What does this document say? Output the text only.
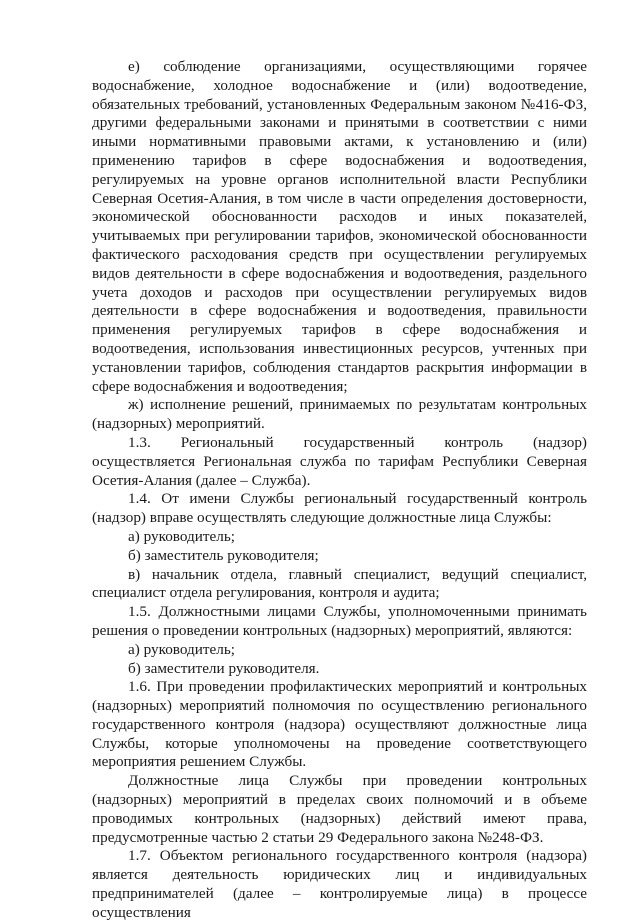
е) соблюдение организациями, осуществляющими горячее водоснабжение, холодное водоснабжение и (или) водоотведение, обязательных требований, установленных Федеральным законом №416-ФЗ, другими федеральными законами и принятыми в соответствии с ними иными нормативными правовыми актами, к установлению и (или) применению тарифов в сфере водоснабжения и водоотведения, регулируемых на уровне органов исполнительной власти Республики Северная Осетия-Алания, в том числе в части определения достоверности, экономической обоснованности расходов и иных показателей, учитываемых при регулировании тарифов, экономической обоснованности фактического расходования средств при осуществлении регулируемых видов деятельности в сфере водоснабжения и водоотведения, раздельного учета доходов и расходов при осуществлении регулируемых видов деятельности в сфере водоснабжения и водоотведения, правильности применения регулируемых тарифов в сфере водоснабжения и водоотведения, использования инвестиционных ресурсов, учтенных при установлении тарифов, соблюдения стандартов раскрытия информации в сфере водоснабжения и водоотведения;

ж) исполнение решений, принимаемых по результатам контрольных (надзорных) мероприятий.

1.3. Региональный государственный контроль (надзор) осуществляется Региональная служба по тарифам Республики Северная Осетия-Алания (далее – Служба).

1.4. От имени Службы региональный государственный контроль (надзор) вправе осуществлять следующие должностные лица Службы:

а) руководитель;

б) заместитель руководителя;

в) начальник отдела, главный специалист, ведущий специалист, специалист отдела регулирования, контроля и аудита;

1.5. Должностными лицами Службы, уполномоченными принимать решения о проведении контрольных (надзорных) мероприятий, являются:

а) руководитель;

б) заместители руководителя.

1.6. При проведении профилактических мероприятий и контрольных (надзорных) мероприятий полномочия по осуществлению регионального государственного контроля (надзора) осуществляют должностные лица Службы, которые уполномочены на проведение соответствующего мероприятия решением Службы.

Должностные лица Службы при проведении контрольных (надзорных) мероприятий в пределах своих полномочий и в объеме проводимых контрольных (надзорных) действий имеют права, предусмотренные частью 2 статьи 29 Федерального закона №248-ФЗ.

1.7. Объектом регионального государственного контроля (надзора) является деятельность юридических лиц и индивидуальных предпринимателей (далее – контролируемые лица) в процессе осуществления
